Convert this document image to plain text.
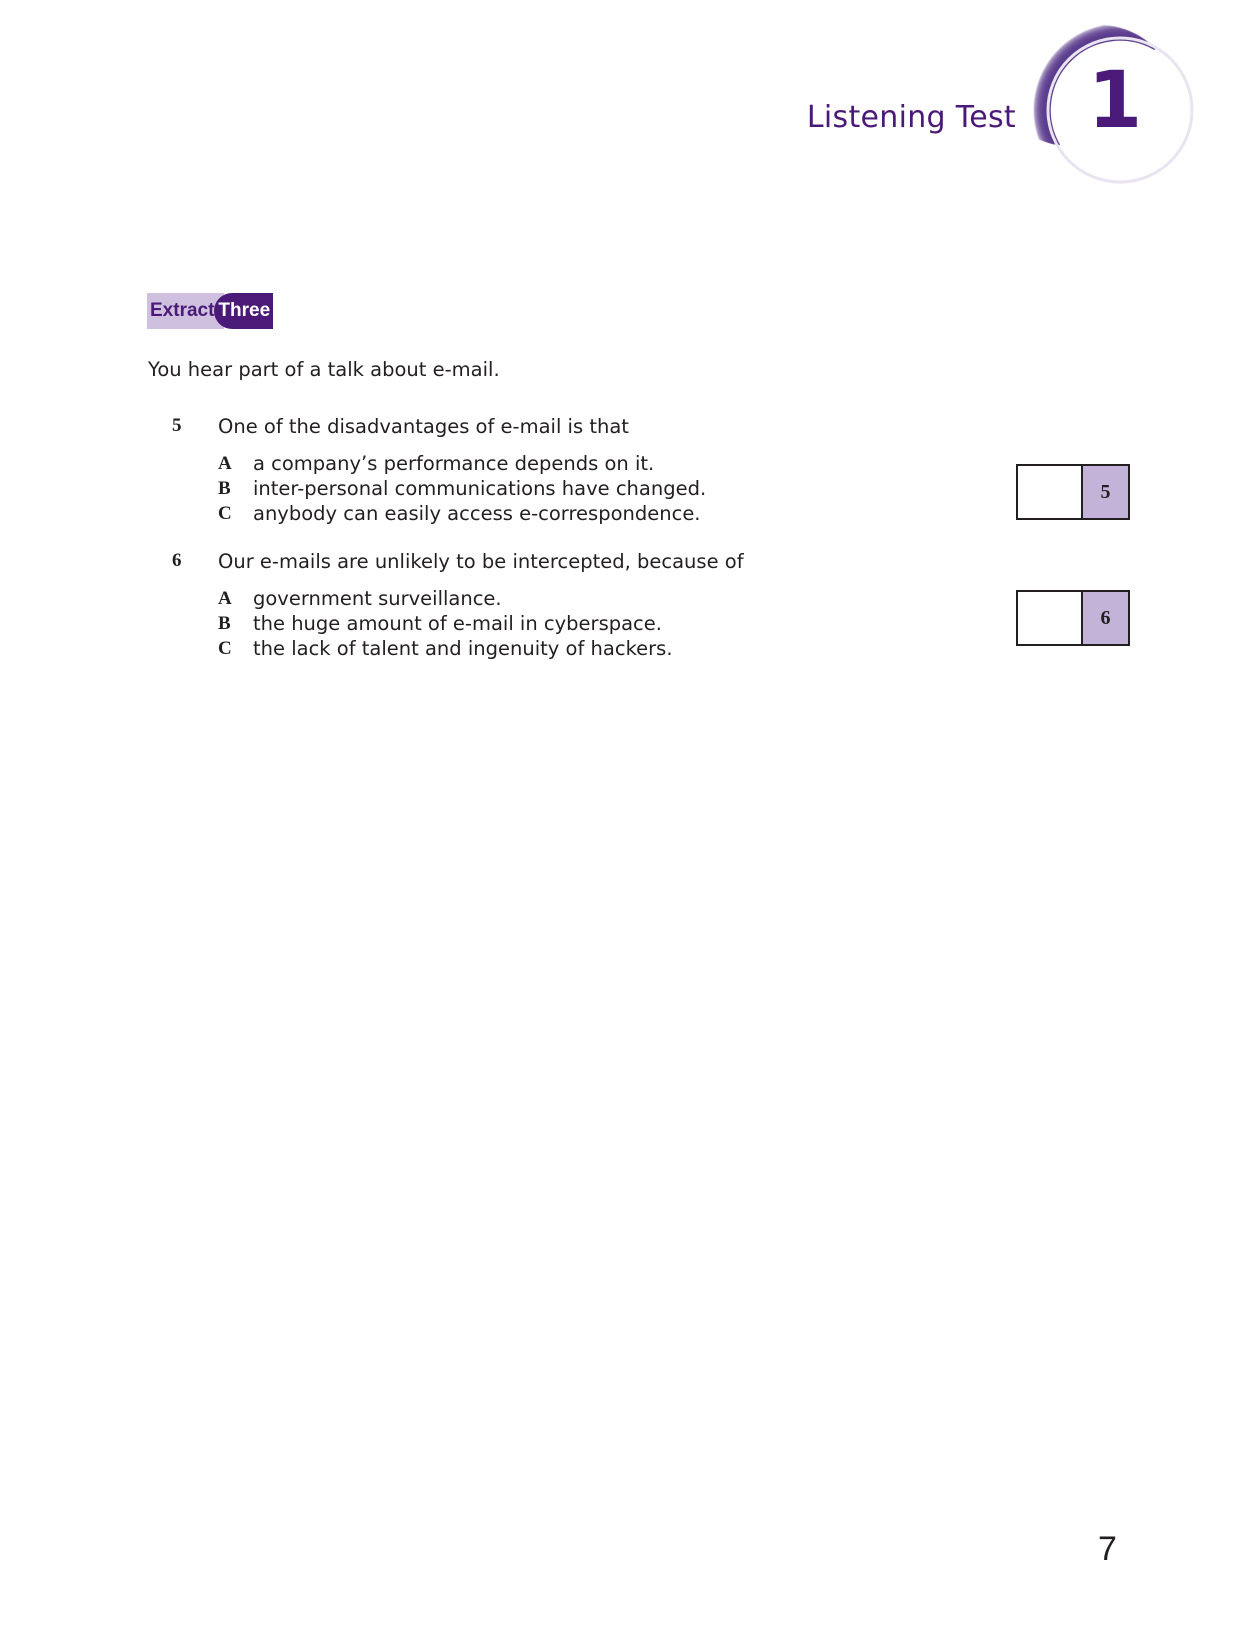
Listening Test 1
Extract Three
You hear part of a talk about e-mail.
5 One of the disadvantages of e-mail is that
A	a company’s performance depends on it.
B	inter-personal communications have changed.
C	anybody can easily access e-correspondence.
5
6 Our e-mails are unlikely to be intercepted, because of
A	government surveillance.
B	the huge amount of e-mail in cyberspace.
C	the lack of talent and ingenuity of hackers.
6
7
